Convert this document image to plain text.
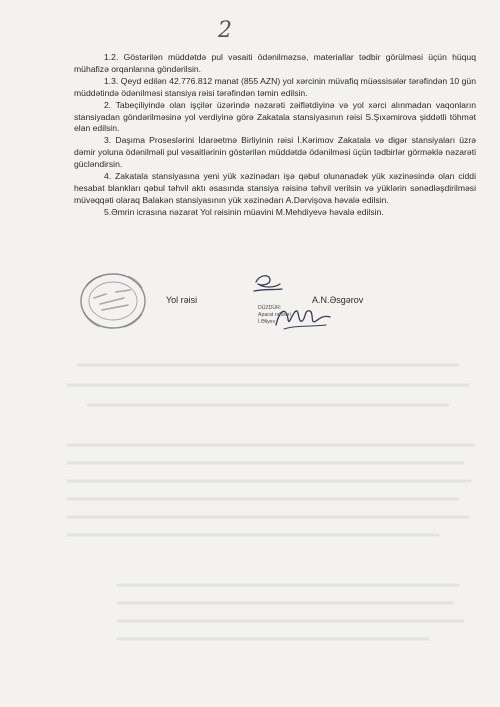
2

1.2. Göstərilən müddətdə pul vəsaiti ödənilməzsə, materiallar tədbir görülməsi üçün hüquq mühafizə orqanlarına göndərilsin.

1.3. Qeyd edilən 42.776.812 manat (855 AZN) yol xərcinin müvafiq müəssisələr tərəfindən 10 gün müddətində ödənilməsi stansiya rəisi tərəfindən təmin edilsin.

2. Tabeçiliyində olan işçilər üzərində nəzarəti zəiflətdiyinə və yol xərci alınmadan vaqonların stansiyadan göndərilməsinə yol verdiyinə görə Zakatala stansiyasının rəisi S.Şıxəmirova şiddətli töhmət elan edilsin.

3. Daşıma Proseslərini İdarəetmə Birliyinin rəisi İ.Kərimov Zakatala və digər stansiyaları üzrə dəmir yoluna ödənilməli pul vəsaitlərinin göstərilən müddətdə ödənilməsi üçün tədbirlər görməklə nəzarəti gücləndirsin.

4. Zakatala stansiyasına yeni yük xəzinədarı işə qəbul olunanadək yük xəzinəsində olan ciddi hesabat blankları qəbul təhvil aktı əsasında stansiya rəisinə təhvil verilsin və yüklərin sənədləşdirilməsi müvəqqəti olaraq Balakən stansiyasının yük xəzinədarı A.Dərvişova həvalə edilsin.

5.Əmrin icrasına nəzarət Yol rəisinin müavini M.Mehdiyevə həvalə edilsin.

Yol rəisi	A.N.Əsgərov
DÜZDÜR:
Aparat rəhbəri
İ.Əliyev
